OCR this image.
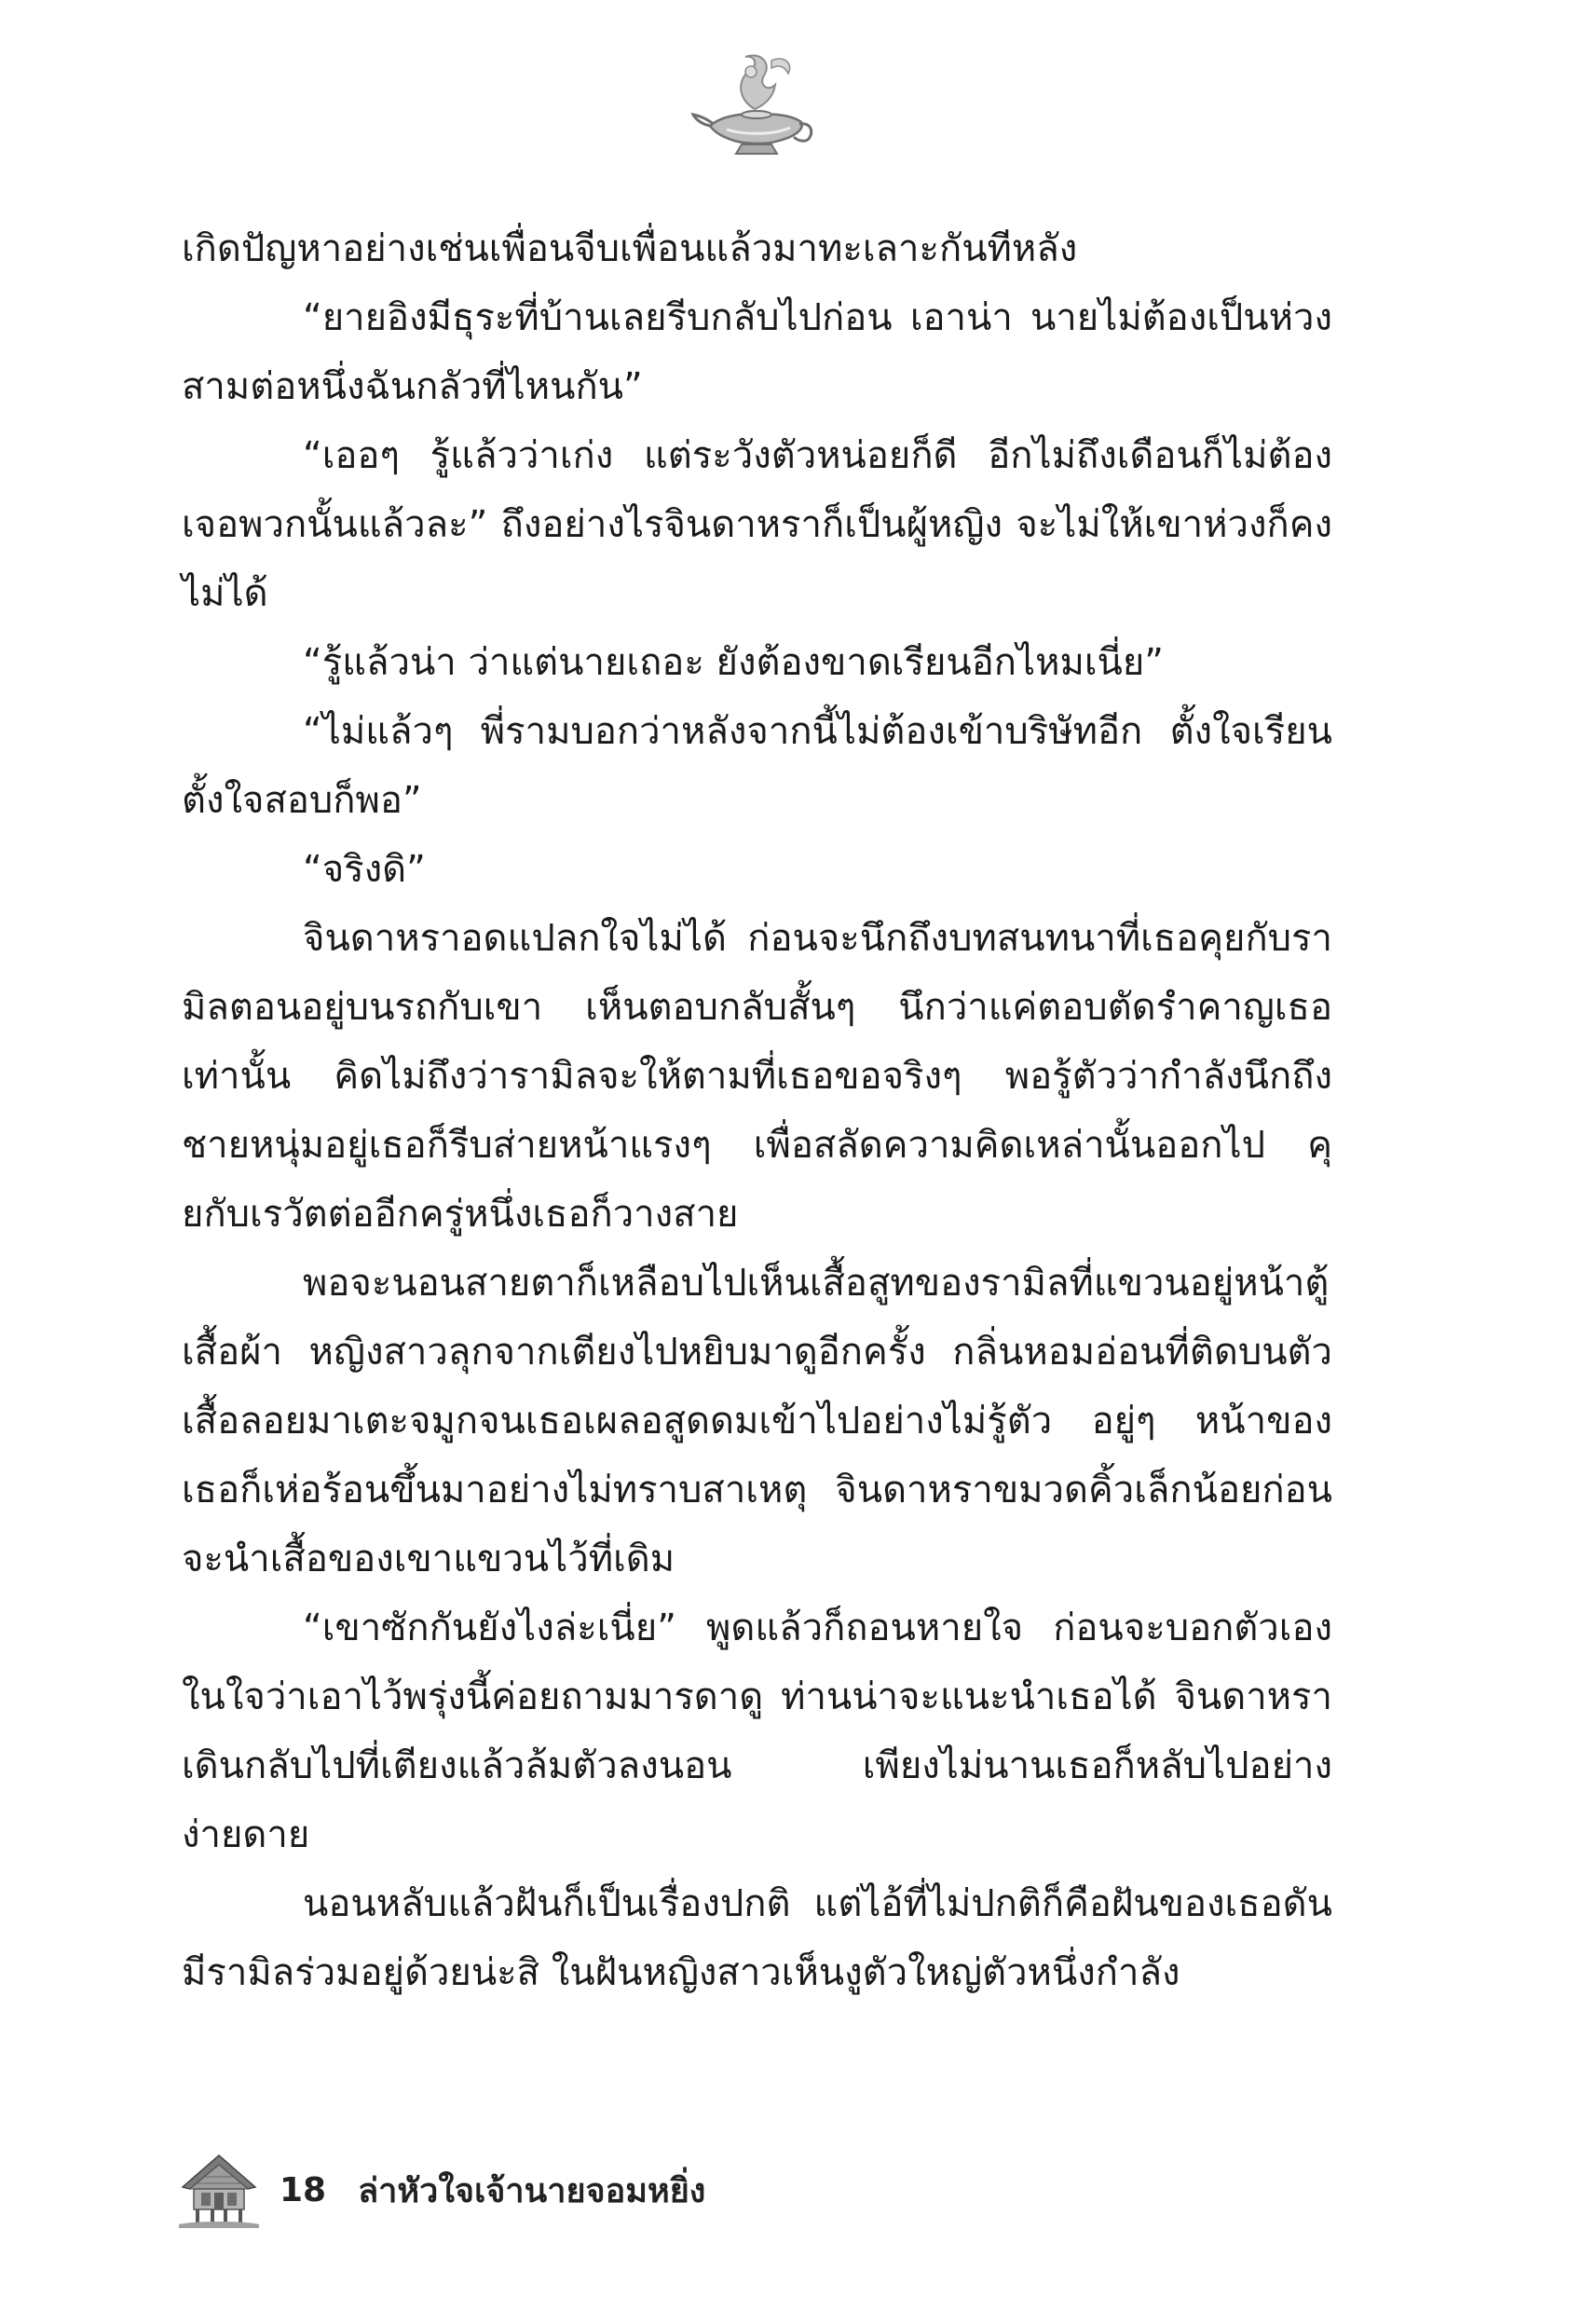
เกิดปัญหาอย่างเช่นเพื่อนจีบเพื่อนแล้วมาทะเลาะกันทีหลัง

“ยายอิงมีธุระที่บ้านเลยรีบกลับไปก่อน เอาน่า นายไม่ต้องเป็นห่วง สามต่อหนึ่งฉันกลัวที่ไหนกัน”

“เออๆ รู้แล้วว่าเก่ง แต่ระวังตัวหน่อยก็ดี อีกไม่ถึงเดือนก็ไม่ต้องเจอพวกนั้นแล้วละ” ถึงอย่างไรจินดาหราก็เป็นผู้หญิง จะไม่ให้เขาห่วงก็คงไม่ได้

“รู้แล้วน่า ว่าแต่นายเถอะ ยังต้องขาดเรียนอีกไหมเนี่ย”

“ไม่แล้วๆ พี่รามบอกว่าหลังจากนี้ไม่ต้องเข้าบริษัทอีก ตั้งใจเรียน ตั้งใจสอบก็พอ”

“จริงดิ”

จินดาหราอดแปลกใจไม่ได้ ก่อนจะนึกถึงบทสนทนาที่เธอคุยกับรามิลตอนอยู่บนรถกับเขา เห็นตอบกลับสั้นๆ นึกว่าแค่ตอบตัดรำคาญเธอเท่านั้น คิดไม่ถึงว่ารามิลจะให้ตามที่เธอขอจริงๆ พอรู้ตัวว่ากำลังนึกถึงชายหนุ่มอยู่เธอก็รีบส่ายหน้าแรงๆ เพื่อสลัดความคิดเหล่านั้นออกไป คุยกับเรวัตต่ออีกครู่หนึ่งเธอก็วางสาย

พอจะนอนสายตาก็เหลือบไปเห็นเสื้อสูทของรามิลที่แขวนอยู่หน้าตู้เสื้อผ้า หญิงสาวลุกจากเตียงไปหยิบมาดูอีกครั้ง กลิ่นหอมอ่อนที่ติดบนตัวเสื้อลอยมาเตะจมูกจนเธอเผลอสูดดมเข้าไปอย่างไม่รู้ตัว อยู่ๆ หน้าของเธอก็เห่อร้อนขึ้นมาอย่างไม่ทราบสาเหตุ จินดาหราขมวดคิ้วเล็กน้อยก่อนจะนำเสื้อของเขาแขวนไว้ที่เดิม

“เขาซักกันยังไงล่ะเนี่ย” พูดแล้วก็ถอนหายใจ ก่อนจะบอกตัวเองในใจว่าเอาไว้พรุ่งนี้ค่อยถามมารดาดู ท่านน่าจะแนะนำเธอได้ จินดาหราเดินกลับไปที่เตียงแล้วล้มตัวลงนอน เพียงไม่นานเธอก็หลับไปอย่างง่ายดาย

นอนหลับแล้วฝันก็เป็นเรื่องปกติ แต่ไอ้ที่ไม่ปกติก็คือฝันของเธอดันมีรามิลร่วมอยู่ด้วยน่ะสิ ในฝันหญิงสาวเห็นงูตัวใหญ่ตัวหนึ่งกำลัง

18 ล่าหัวใจเจ้านายจอมหยิ่ง
